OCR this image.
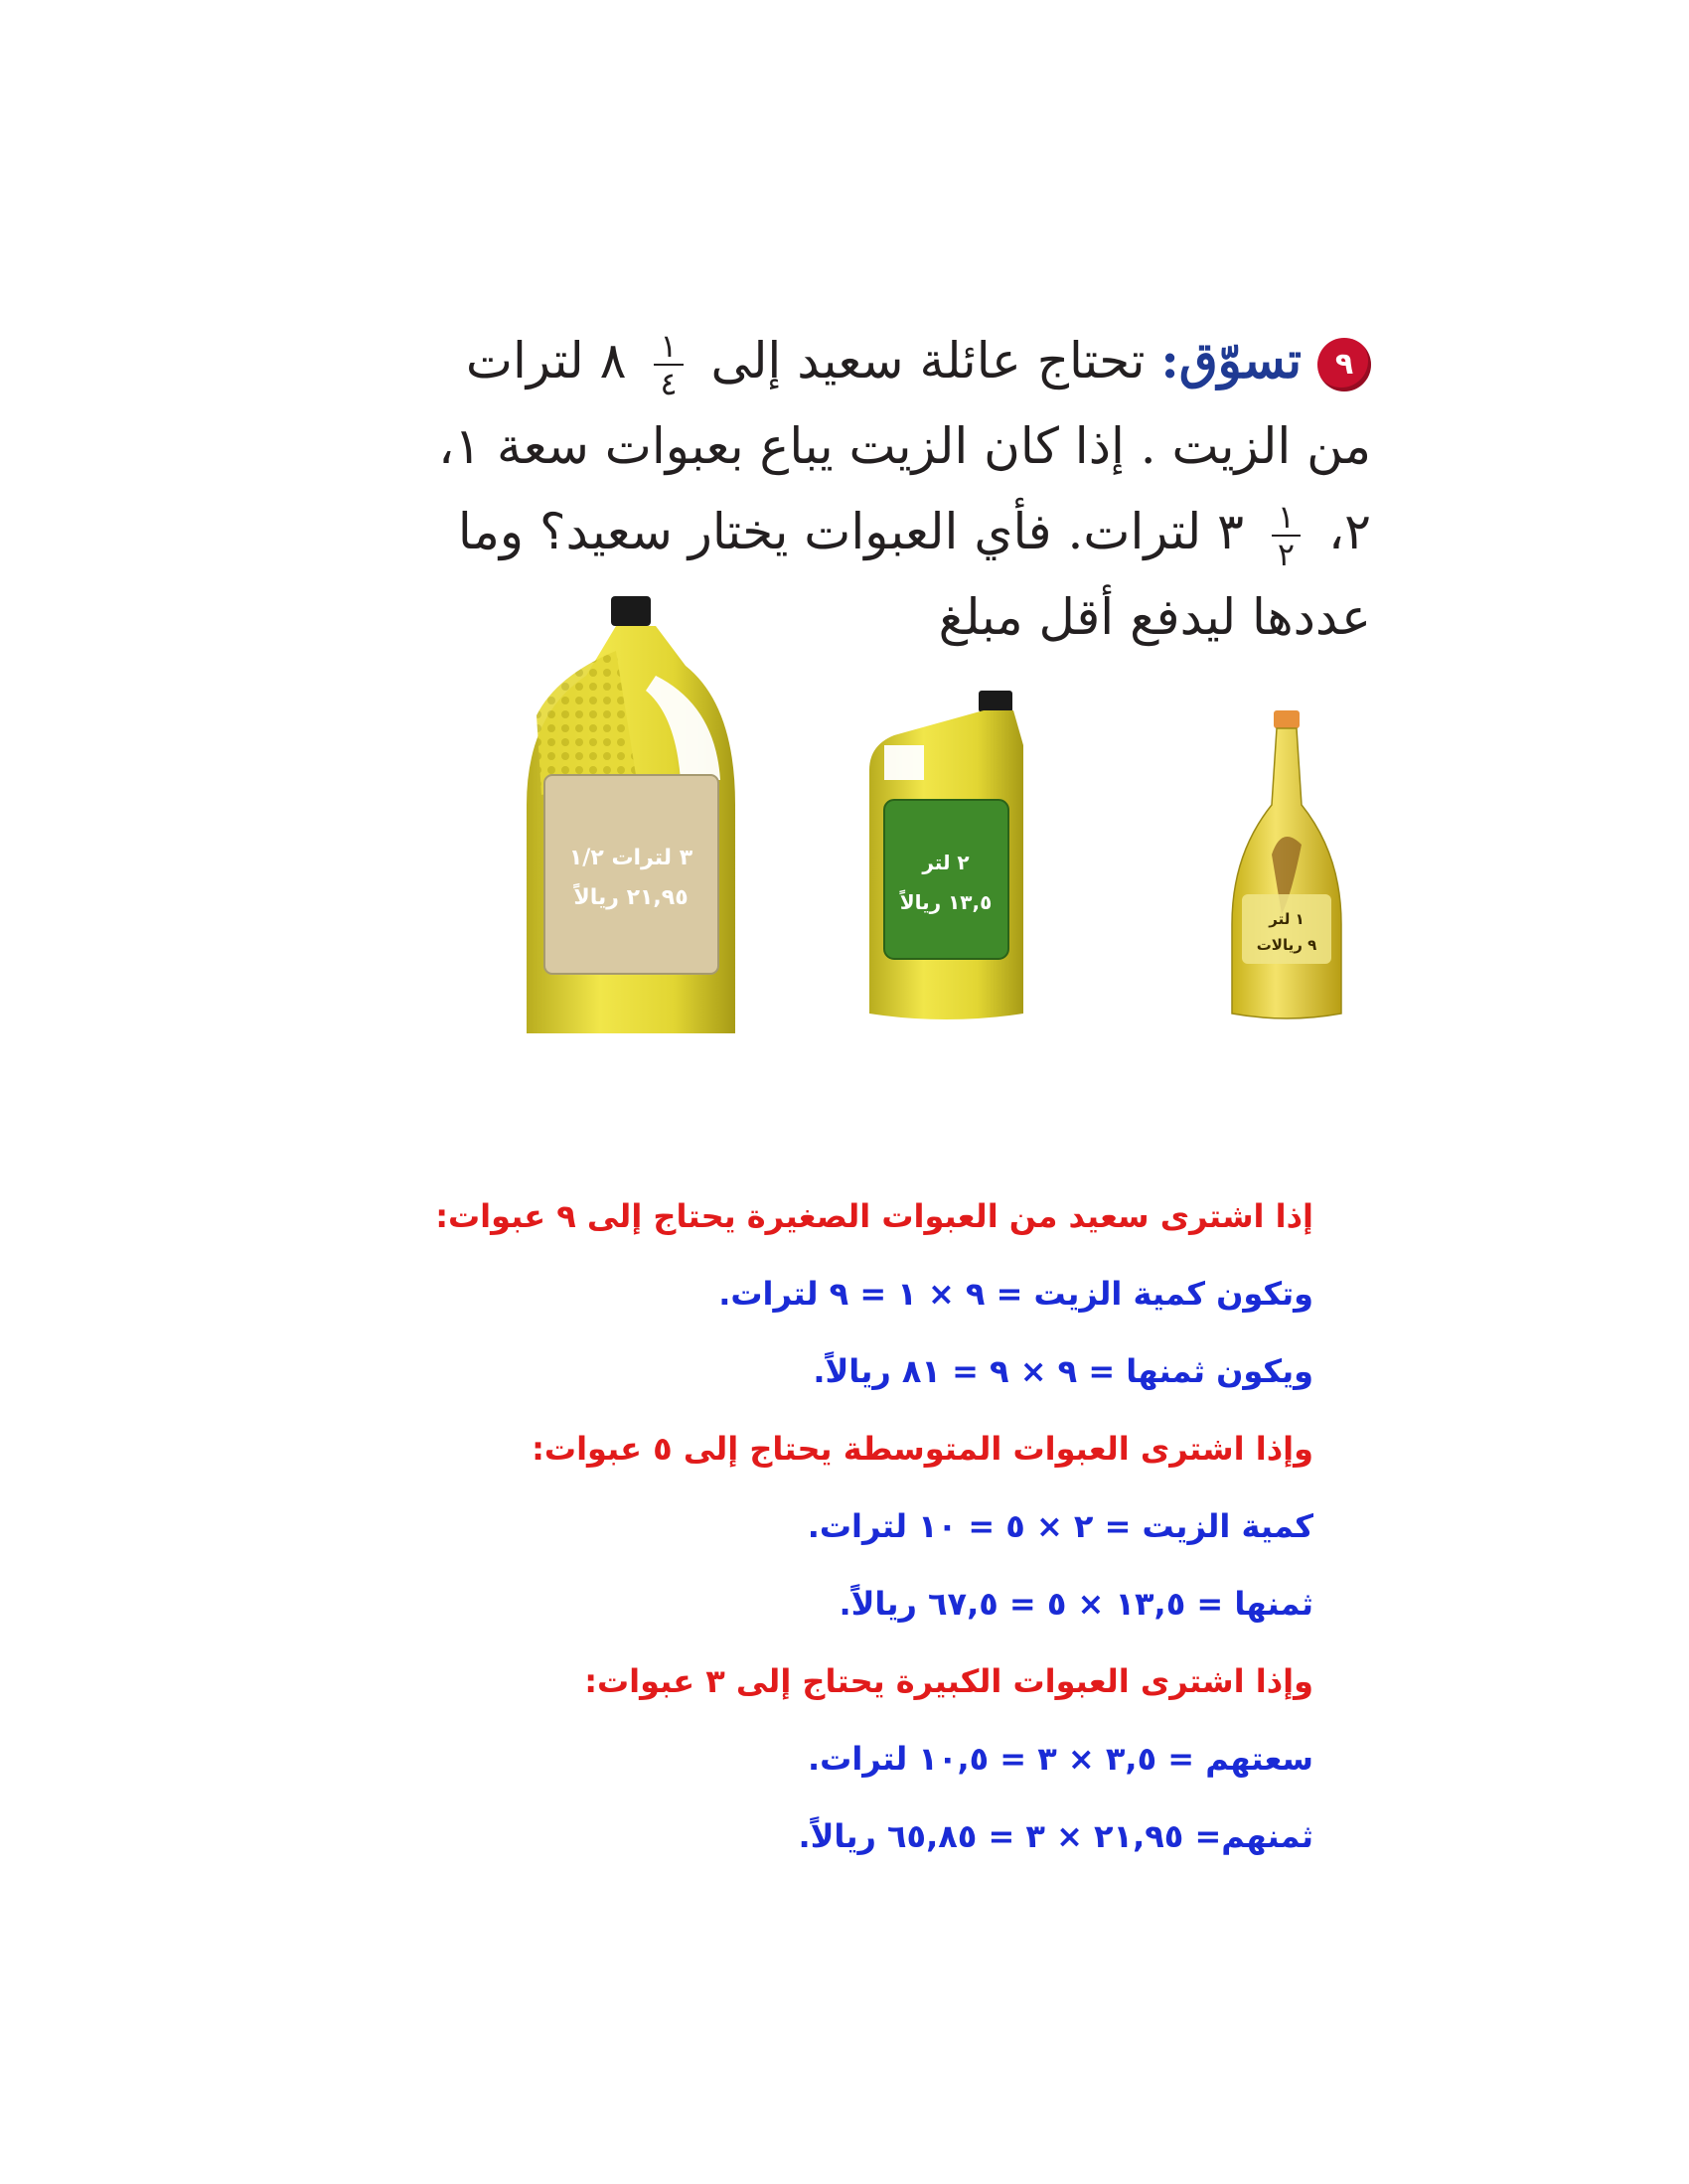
٩تسوّق: تحتاج عائلة سعيد إلى
$\frac{١}{٤}$
٨ لترات
من الزيت . إذا كان الزيت يباع بعبوات سعة ١،
٢،
$\frac{١}{٢}$
٣ لترات. فأي العبوات يختار سعيد؟ وما
عددها ليدفع أقل مبلغ
٣ لترات ١/٢
٢١,٩٥ ريالاً
٢ لتر
١٣,٥ ريالاً
١ لتر
٩ ريالات
إذا اشترى سعيد من العبوات الصغيرة يحتاج إلى ٩ عبوات:
وتكون كمية الزيت = ٩ × ١ = ٩ لترات.
ويكون ثمنها = ٩ × ٩ = ٨١ ريالاً.
وإذا اشترى العبوات المتوسطة يحتاج إلى ٥ عبوات:
كمية الزيت = ٢ × ٥ = ١٠ لترات.
ثمنها = ١٣,٥ × ٥ = ٦٧,٥ ريالاً.
وإذا اشترى العبوات الكبيرة يحتاج إلى ٣ عبوات:
سعتهم = ٣,٥ × ٣ = ١٠,٥ لترات.
ثمنهم= ٢١,٩٥ × ٣ = ٦٥,٨٥ ريالاً.
